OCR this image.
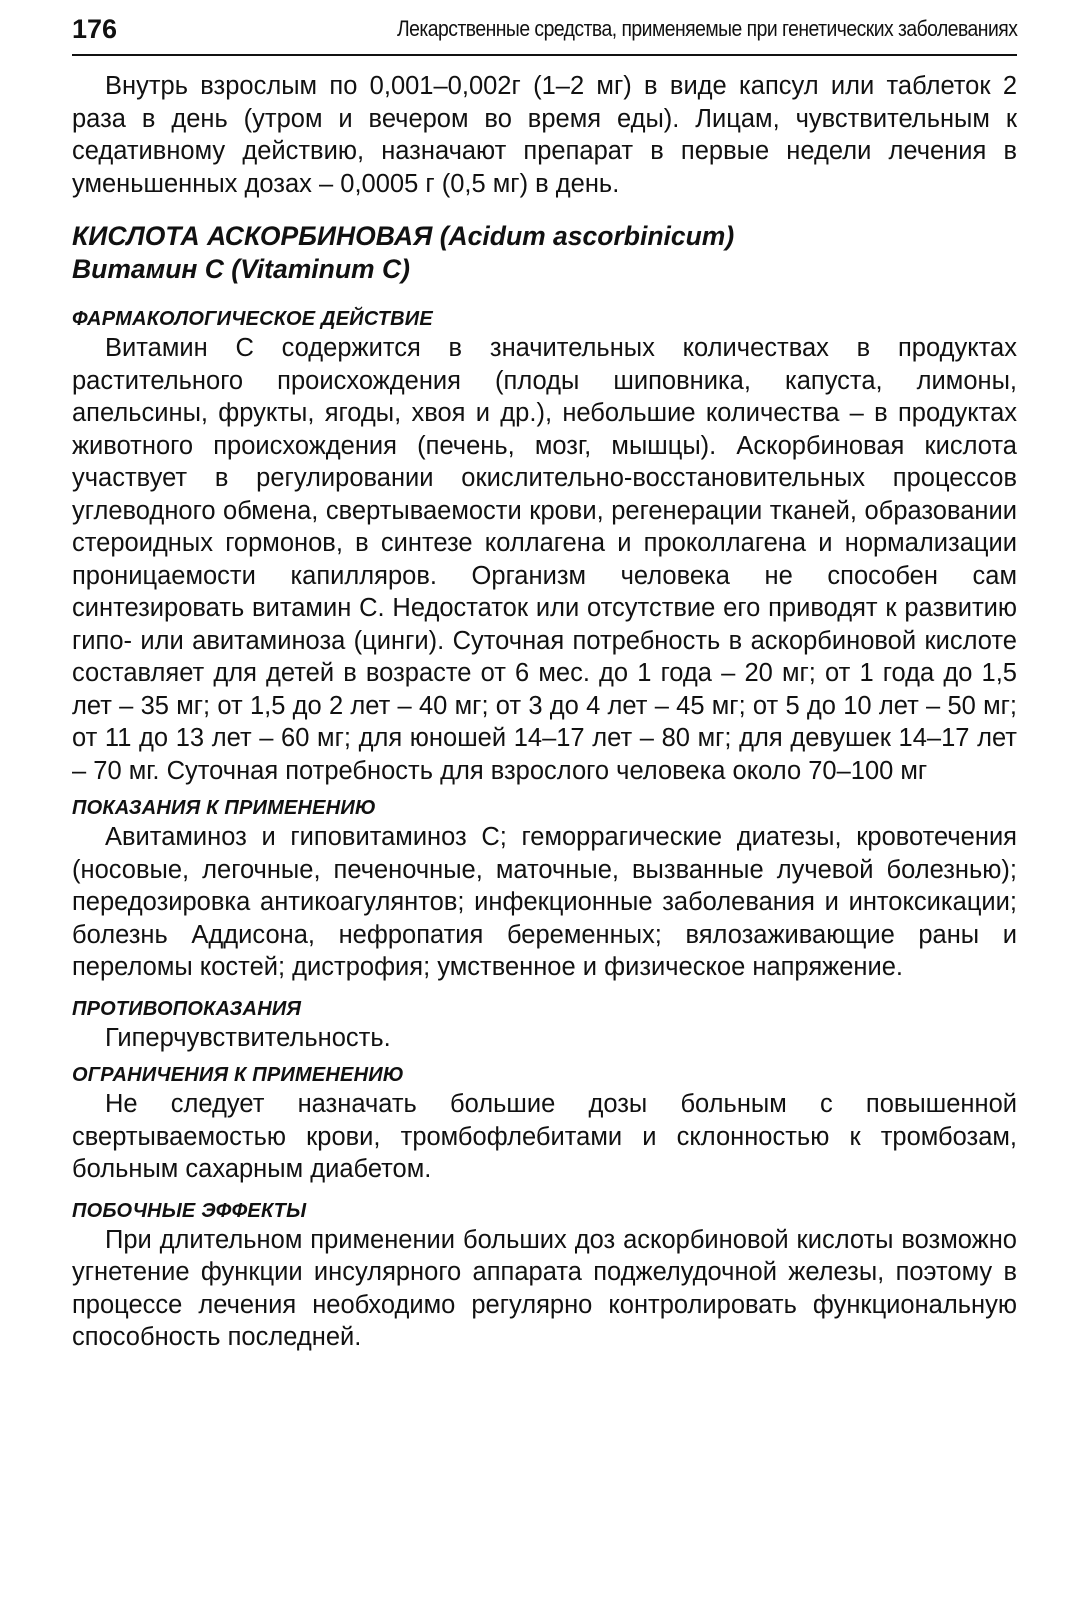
176	Лекарственные средства, применяемые при генетических заболеваниях

Внутрь взрослым по 0,001–0,002г (1–2 мг) в виде капсул или таблеток 2 раза в день (утром и вечером во время еды). Лицам, чувствительным к седативному действию, назначают препарат в первые недели лечения в уменьшенных дозах – 0,0005 г (0,5 мг) в день.

КИСЛОТА АСКОРБИНОВАЯ (Acidum ascorbinicum)
Витамин С (Vitaminum C)
ФАРМАКОЛОГИЧЕСКОЕ ДЕЙСТВИЕ

Витамин С содержится в значительных количествах в продуктах растительного происхождения (плоды шиповника, капуста, лимоны, апельсины, фрукты, ягоды, хвоя и др.), небольшие количества – в продуктах животного происхождения (печень, мозг, мышцы). Аскорбиновая кислота участвует в регулировании окислительно-восстановительных процессов углеводного обмена, свертываемости крови, регенерации тканей, образовании стероидных гормонов, в синтезе коллагена и проколлагена и нормализации проницаемости капилляров. Организм человека не способен сам синтезировать витамин С. Недостаток или отсутствие его приводят к развитию гипо- или авитаминоза (цинги). Суточная потребность в аскорбиновой кислоте составляет для детей в возрасте от 6 мес. до 1 года – 20 мг; от 1 года до 1,5 лет – 35 мг; от 1,5 до 2 лет – 40 мг; от 3 до 4 лет – 45 мг; от 5 до 10 лет – 50 мг; от 11 до 13 лет – 60 мг; для юношей 14–17 лет – 80 мг; для девушек 14–17 лет – 70 мг. Суточная потребность для взрослого человека около 70–100 мг

ПОКАЗАНИЯ К ПРИМЕНЕНИЮ

Авитаминоз и гиповитаминоз С; геморрагические диатезы, кровотечения (носовые, легочные, печеночные, маточные, вызванные лучевой болезнью); передозировка антикоагулянтов; инфекционные заболевания и интоксикации; болезнь Аддисона, нефропатия беременных; вялозаживающие раны и переломы костей; дистрофия; умственное и физическое напряжение.

ПРОТИВОПОКАЗАНИЯ

Гиперчувствительность.

ОГРАНИЧЕНИЯ К ПРИМЕНЕНИЮ

Не следует назначать большие дозы больным с повышенной свертываемостью крови, тромбофлебитами и склонностью к тромбозам, больным сахарным диабетом.

ПОБОЧНЫЕ ЭФФЕКТЫ

При длительном применении больших доз аскорбиновой кислоты возможно угнетение функции инсулярного аппарата поджелудочной железы, поэтому в процессе лечения необходимо регулярно контролировать функциональную способность последней.
